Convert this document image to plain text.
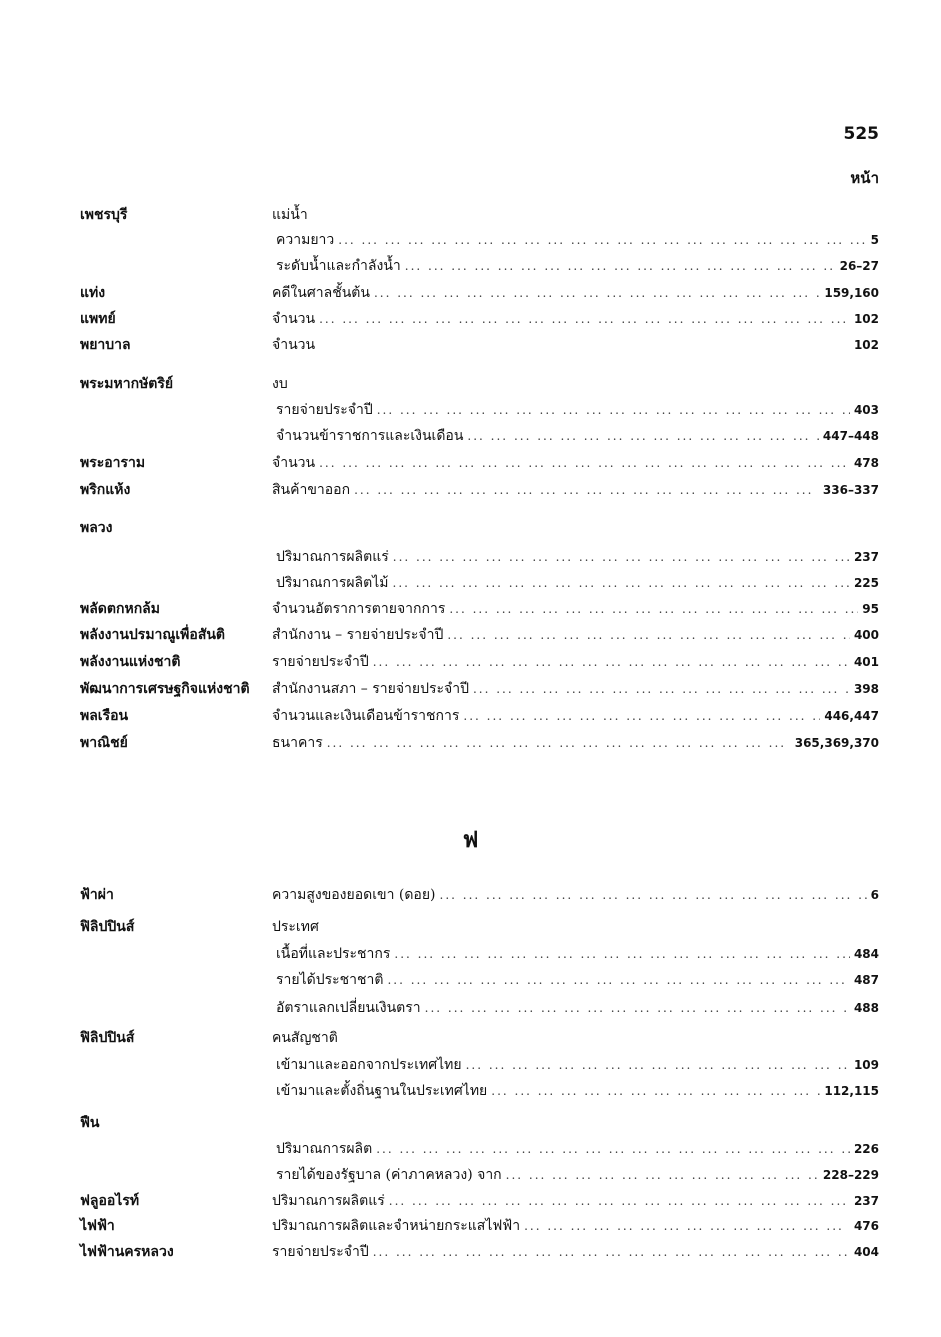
525
หน้า
เพชรบุรี	แม่น้ำ
ความยาว ... .	5
ระดับน้ำและกำลังน้ำ ... .	26–27
แท่ง	คดีในศาลชั้นต้น ... .	159,160
แพทย์	จำนวน ... .	102
พยาบาล	จำนวน	102
พระมหากษัตริย์	งบ
รายจ่ายประจำปี ... .	403
จำนวนข้าราชการและเงินเดือน ... .	447–448
พระอาราม	จำนวน ... .	478
พริกแห้ง	สินค้าขาออก ... .	336–337
พลวง
ปริมาณการผลิตแร่ ... .	237
ปริมาณการผลิตไม้ ... .	225
พลัดตกหกล้ม	จำนวนอัตราการตายจากการ ... .	95
พลังงานปรมาณูเพื่อสันติ	สำนักงาน – รายจ่ายประจำปี ... .	400
พลังงานแห่งชาติ	รายจ่ายประจำปี ... .	401
พัฒนาการเศรษฐกิจแห่งชาติ	สำนักงานสภา – รายจ่ายประจำปี ... .	398
พลเรือน	จำนวนและเงินเดือนข้าราชการ ... .	446,447
พาณิชย์	ธนาคาร ... .	365,369,370
ฟ
ฟ้าผ่า	ความสูงของยอดเขา (ดอย) ... .	6
ฟิลิปปินส์	ประเทศ
เนื้อที่และประชากร ... .	484
รายได้ประชาชาติ ... .	487
อัตราแลกเปลี่ยนเงินตรา ... .	488
ฟิลิปปินส์	คนสัญชาติ
เข้ามาและออกจากประเทศไทย ... .	109
เข้ามาและตั้งถิ่นฐานในประเทศไทย ... .	112,115
ฟืน
ปริมาณการผลิต ... .	226
รายได้ของรัฐบาล (ค่าภาคหลวง) จาก ... .	228–229
ฟลูออไรท์	ปริมาณการผลิตแร่ ... .	237
ไฟฟ้า	ปริมาณการผลิตและจำหน่ายกระแสไฟฟ้า ... .	476
ไฟฟ้านครหลวง	รายจ่ายประจำปี ... .	404
